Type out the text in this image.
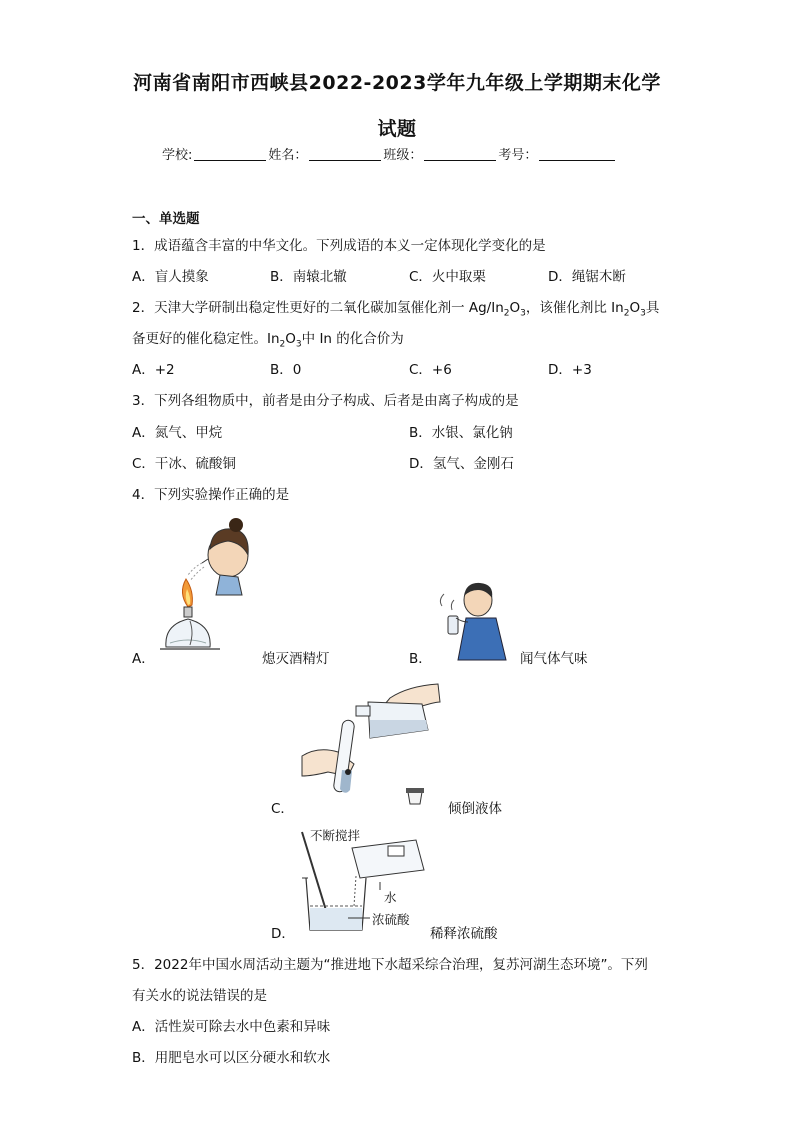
河南省南阳市西峡县2022-2023学年九年级上学期期末化学
试题
学校:	姓名：	班级：	考号：
一、单选题
1．成语蕴含丰富的中华文化。下列成语的本义一定体现化学变化的是
A．盲人摸象	B．南辕北辙	C．火中取栗	D．绳锯木断
2．天津大学研制出稳定性更好的二氧化碳加氢催化剂一 $Ag/In_2O_3$，该催化剂比 $In_2O_3$具
备更好的催化稳定性。$In_2O_3$中 In 的化合价为
A．+2	B．0	C．+6	D．+3
3．下列各组物质中，前者是由分子构成、后者是由离子构成的是
A．氮气、甲烷	B．水银、氯化钠
C．干冰、硫酸铜	D．氢气、金刚石
4．下列实验操作正确的是
A．	熄灭酒精灯	B．	闻气体气味
C．	倾倒液体
不断搅拌
水
浓硫酸
D．	稀释浓硫酸
5．2022年中国水周活动主题为“推进地下水超采综合治理，复苏河湖生态环境”。下列
有关水的说法错误的是
A．活性炭可除去水中色素和异味
B．用肥皂水可以区分硬水和软水
